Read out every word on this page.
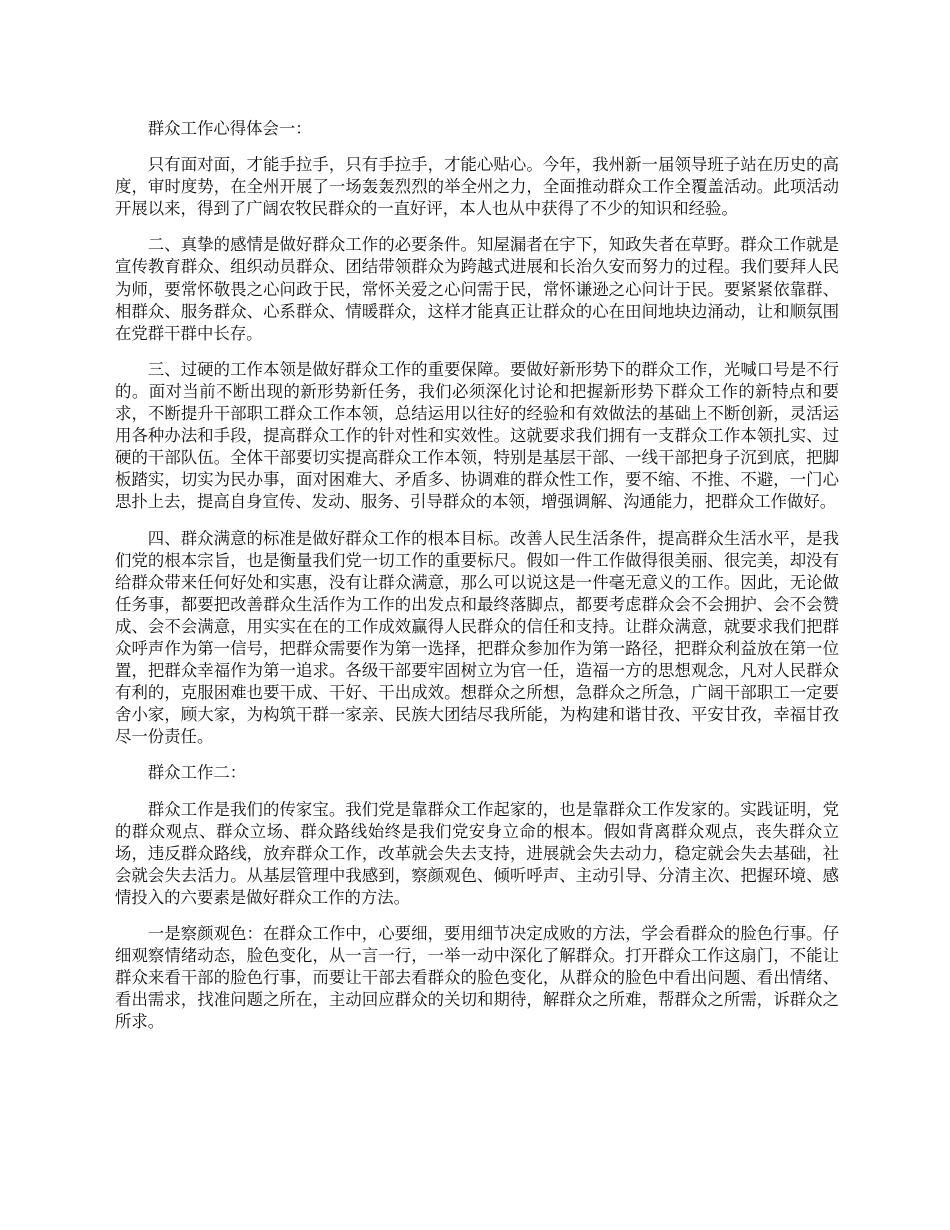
群众工作心得体会一：

只有面对面，才能手拉手，只有手拉手，才能心贴心。今年，我州新一届领导班子站在历史的高度，审时度势，在全州开展了一场轰轰烈烈的举全州之力，全面推动群众工作全覆盖活动。此项活动开展以来，得到了广阔农牧民群众的一直好评，本人也从中获得了不少的知识和经验。

二、真挚的感情是做好群众工作的必要条件。知屋漏者在宇下，知政失者在草野。群众工作就是宣传教育群众、组织动员群众、团结带领群众为跨越式进展和长治久安而努力的过程。我们要拜人民为师，要常怀敬畏之心问政于民，常怀关爱之心问需于民，常怀谦逊之心问计于民。要紧紧依靠群、相群众、服务群众、心系群众、情暖群众，这样才能真正让群众的心在田间地块边涌动，让和顺氛围在党群干群中长存。

三、过硬的工作本领是做好群众工作的重要保障。要做好新形势下的群众工作，光喊口号是不行的。面对当前不断出现的新形势新任务，我们必须深化讨论和把握新形势下群众工作的新特点和要求，不断提升干部职工群众工作本领，总结运用以往好的经验和有效做法的基础上不断创新，灵活运用各种办法和手段，提高群众工作的针对性和实效性。这就要求我们拥有一支群众工作本领扎实、过硬的干部队伍。全体干部要切实提高群众工作本领，特别是基层干部、一线干部把身子沉到底，把脚板踏实，切实为民办事，面对困难大、矛盾多、协调难的群众性工作，要不缩、不推、不避，一门心思扑上去，提高自身宣传、发动、服务、引导群众的本领，增强调解、沟通能力，把群众工作做好。

四、群众满意的标准是做好群众工作的根本目标。改善人民生活条件，提高群众生活水平，是我们党的根本宗旨，也是衡量我们党一切工作的重要标尺。假如一件工作做得很美丽、很完美，却没有给群众带来任何好处和实惠，没有让群众满意，那么可以说这是一件毫无意义的工作。因此，无论做任务事，都要把改善群众生活作为工作的出发点和最终落脚点，都要考虑群众会不会拥护、会不会赞成、会不会满意，用实实在在的工作成效赢得人民群众的信任和支持。让群众满意，就要求我们把群众呼声作为第一信号，把群众需要作为第一选择，把群众参加作为第一路径，把群众利益放在第一位置，把群众幸福作为第一追求。各级干部要牢固树立为官一任，造福一方的思想观念，凡对人民群众有利的，克服困难也要干成、干好、干出成效。想群众之所想，急群众之所急，广阔干部职工一定要舍小家，顾大家，为构筑干群一家亲、民族大团结尽我所能，为构建和谐甘孜、平安甘孜，幸福甘孜尽一份责任。

群众工作二：

群众工作是我们的传家宝。我们党是靠群众工作起家的，也是靠群众工作发家的。实践证明，党的群众观点、群众立场、群众路线始终是我们党安身立命的根本。假如背离群众观点，丧失群众立场，违反群众路线，放弃群众工作，改革就会失去支持，进展就会失去动力，稳定就会失去基础，社会就会失去活力。从基层管理中我感到，察颜观色、倾听呼声、主动引导、分清主次、把握环境、感情投入的六要素是做好群众工作的方法。

一是察颜观色：在群众工作中，心要细，要用细节决定成败的方法，学会看群众的脸色行事。仔细观察情绪动态，脸色变化，从一言一行，一举一动中深化了解群众。打开群众工作这扇门，不能让群众来看干部的脸色行事，而要让干部去看群众的脸色变化，从群众的脸色中看出问题、看出情绪、看出需求，找准问题之所在，主动回应群众的关切和期待，解群众之所难，帮群众之所需，诉群众之所求。
